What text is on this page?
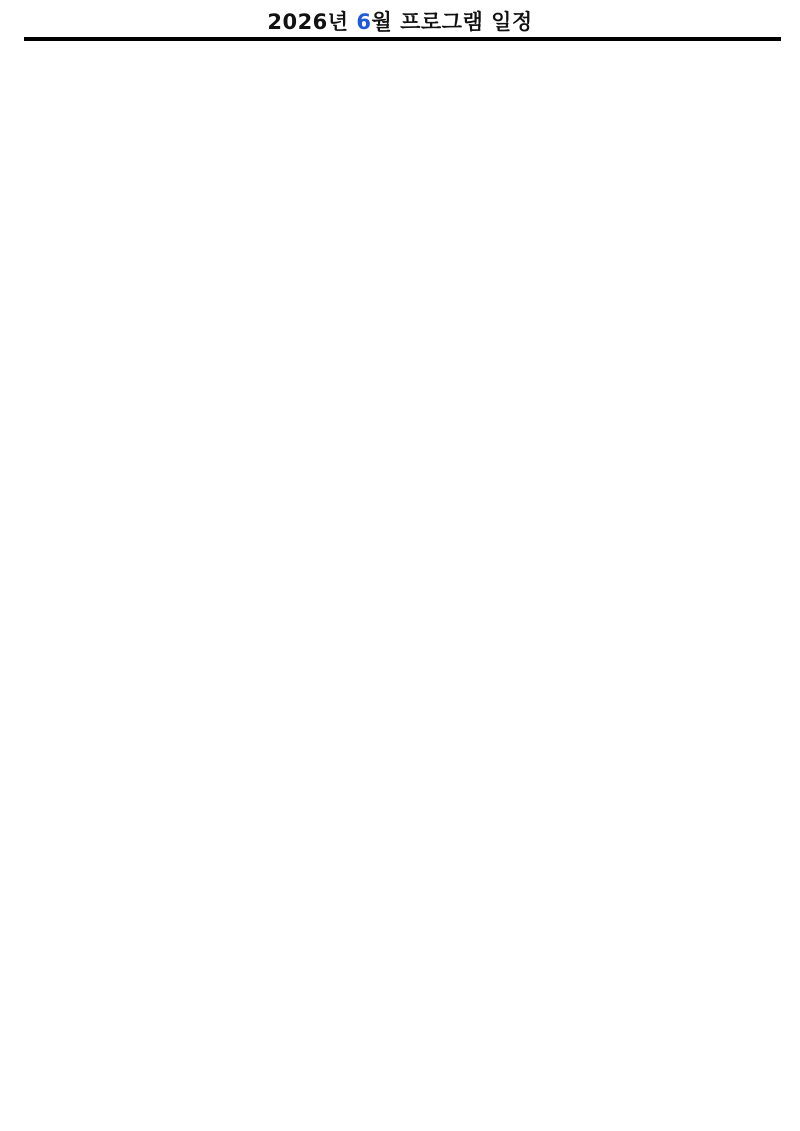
2026년 6월 프로그램 일정
